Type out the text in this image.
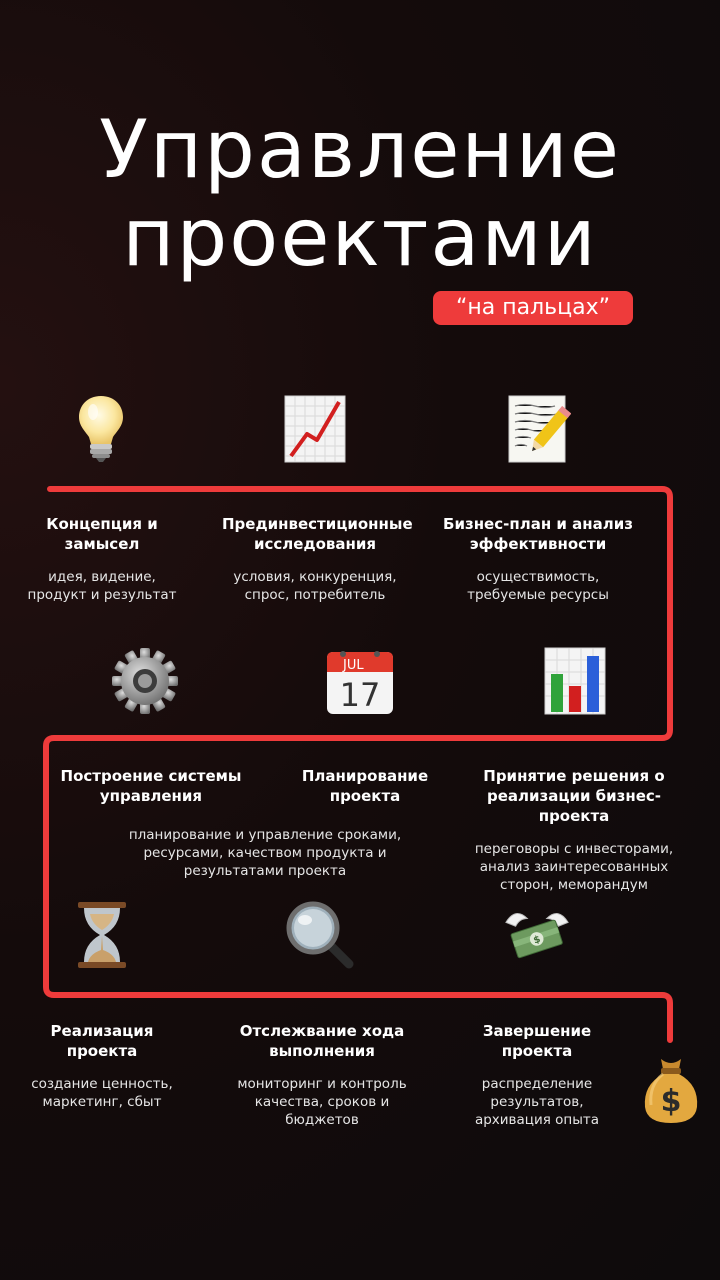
Управление
проектами
“на пальцах”
Концепция и замысел
идея, видение, продукт и результат
Прединвестиционные исследования
условия, конкуренция, спрос, потребитель
Бизнес-план и анализ эффективности
осуществимость, требуемые ресурсы
JUL
17
Построение системы управления
Планирование проекта
планирование и управление сроками, ресурсами, качеством продукта и результатами проекта
Принятие решения о реализации бизнес-проекта
переговоры с инвесторами, анализ заинтересованных сторон, меморандум
$
Реализация проекта
создание ценность, маркетинг, сбыт
Отслежвание хода выполнения
мониторинг и контроль качества, сроков и бюджетов
Завершение проекта
распределение результатов, архивация опыта
$
